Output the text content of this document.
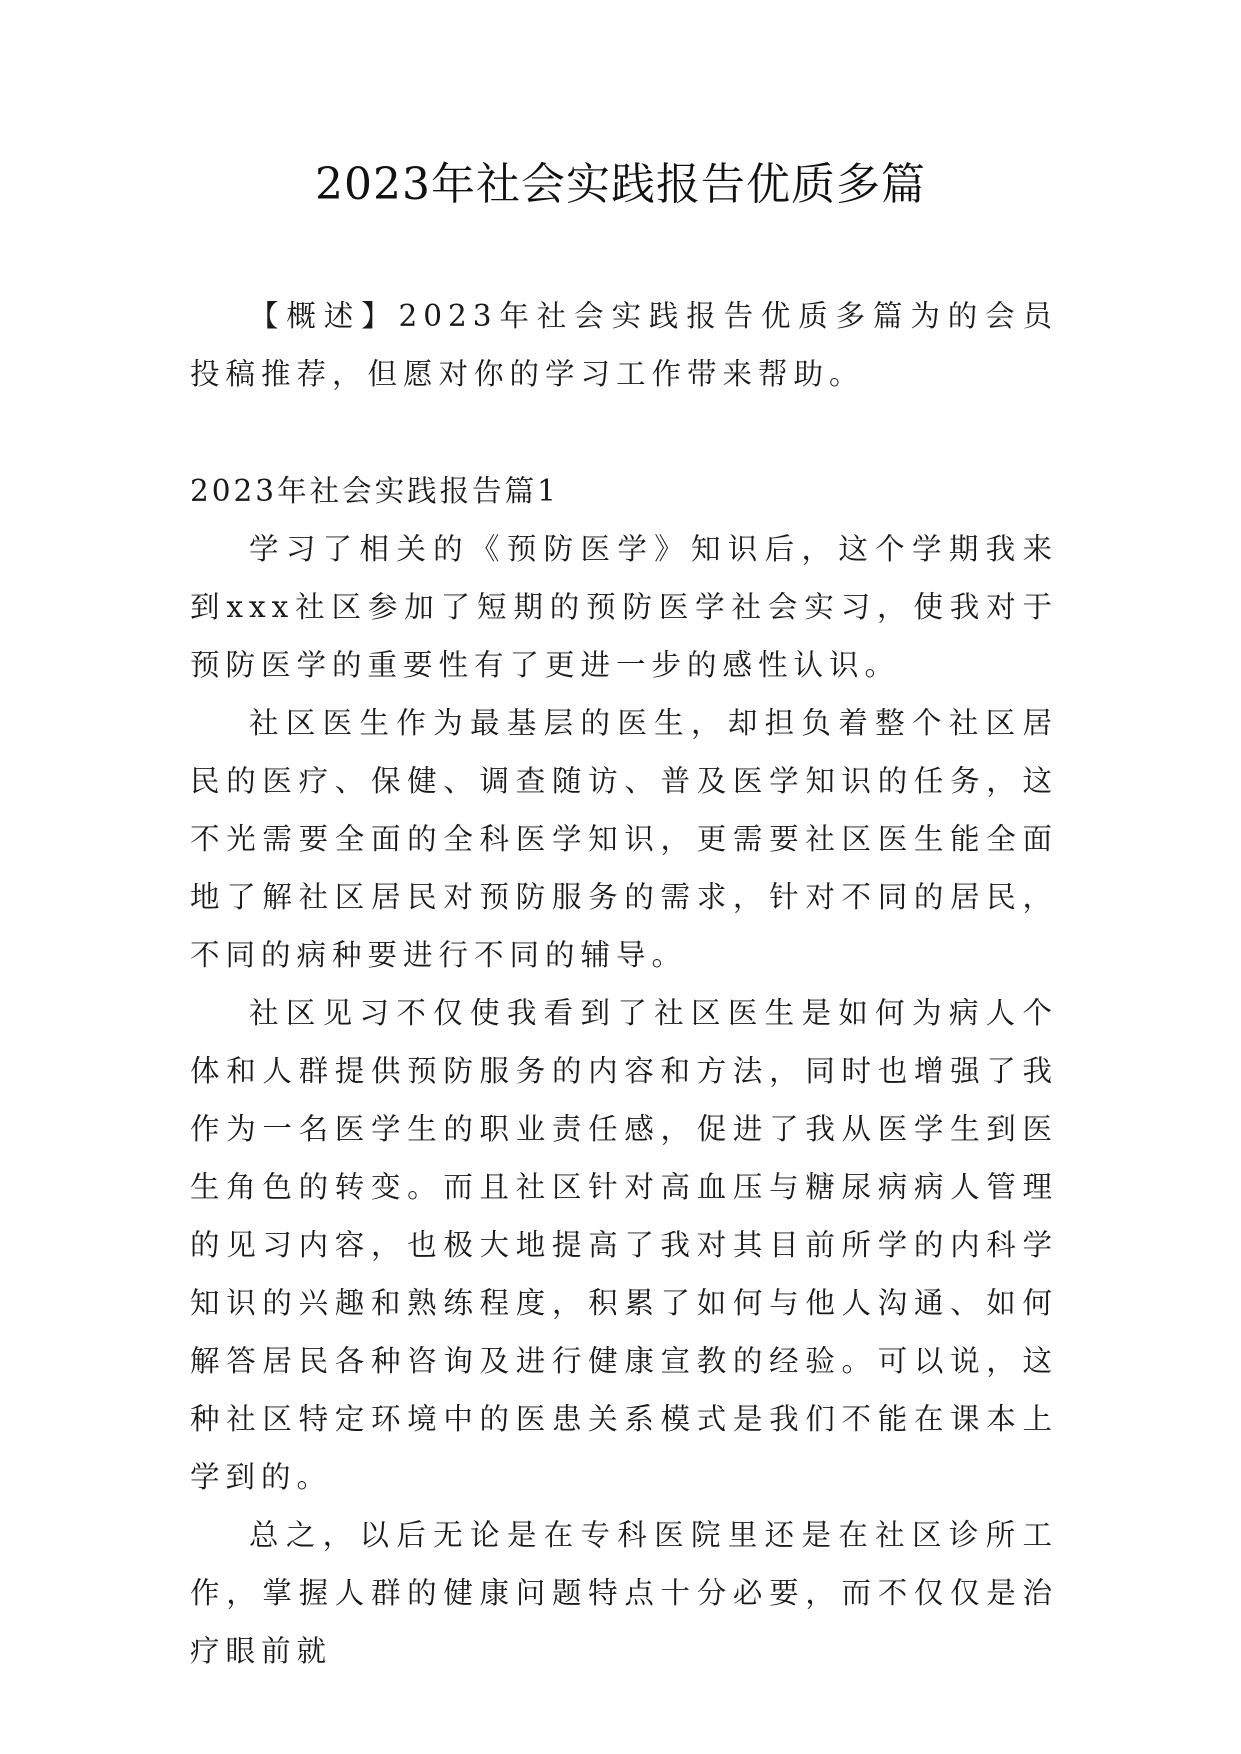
2023年社会实践报告优质多篇

【概述】2023年社会实践报告优质多篇为的会员投稿推荐，但愿对你的学习工作带来帮助。

2023年社会实践报告篇1

学习了相关的《预防医学》知识后，这个学期我来到xxx社区参加了短期的预防医学社会实习，使我对于预防医学的重要性有了更进一步的感性认识。

社区医生作为最基层的医生，却担负着整个社区居民的医疗、保健、调查随访、普及医学知识的任务，这不光需要全面的全科医学知识，更需要社区医生能全面地了解社区居民对预防服务的需求，针对不同的居民，不同的病种要进行不同的辅导。

社区见习不仅使我看到了社区医生是如何为病人个体和人群提供预防服务的内容和方法，同时也增强了我作为一名医学生的职业责任感，促进了我从医学生到医生角色的转变。而且社区针对高血压与糖尿病病人管理的见习内容，也极大地提高了我对其目前所学的内科学知识的兴趣和熟练程度，积累了如何与他人沟通、如何解答居民各种咨询及进行健康宣教的经验。可以说，这种社区特定环境中的医患关系模式是我们不能在课本上学到的。

总之，以后无论是在专科医院里还是在社区诊所工作，掌握人群的健康问题特点十分必要，而不仅仅是治疗眼前就
